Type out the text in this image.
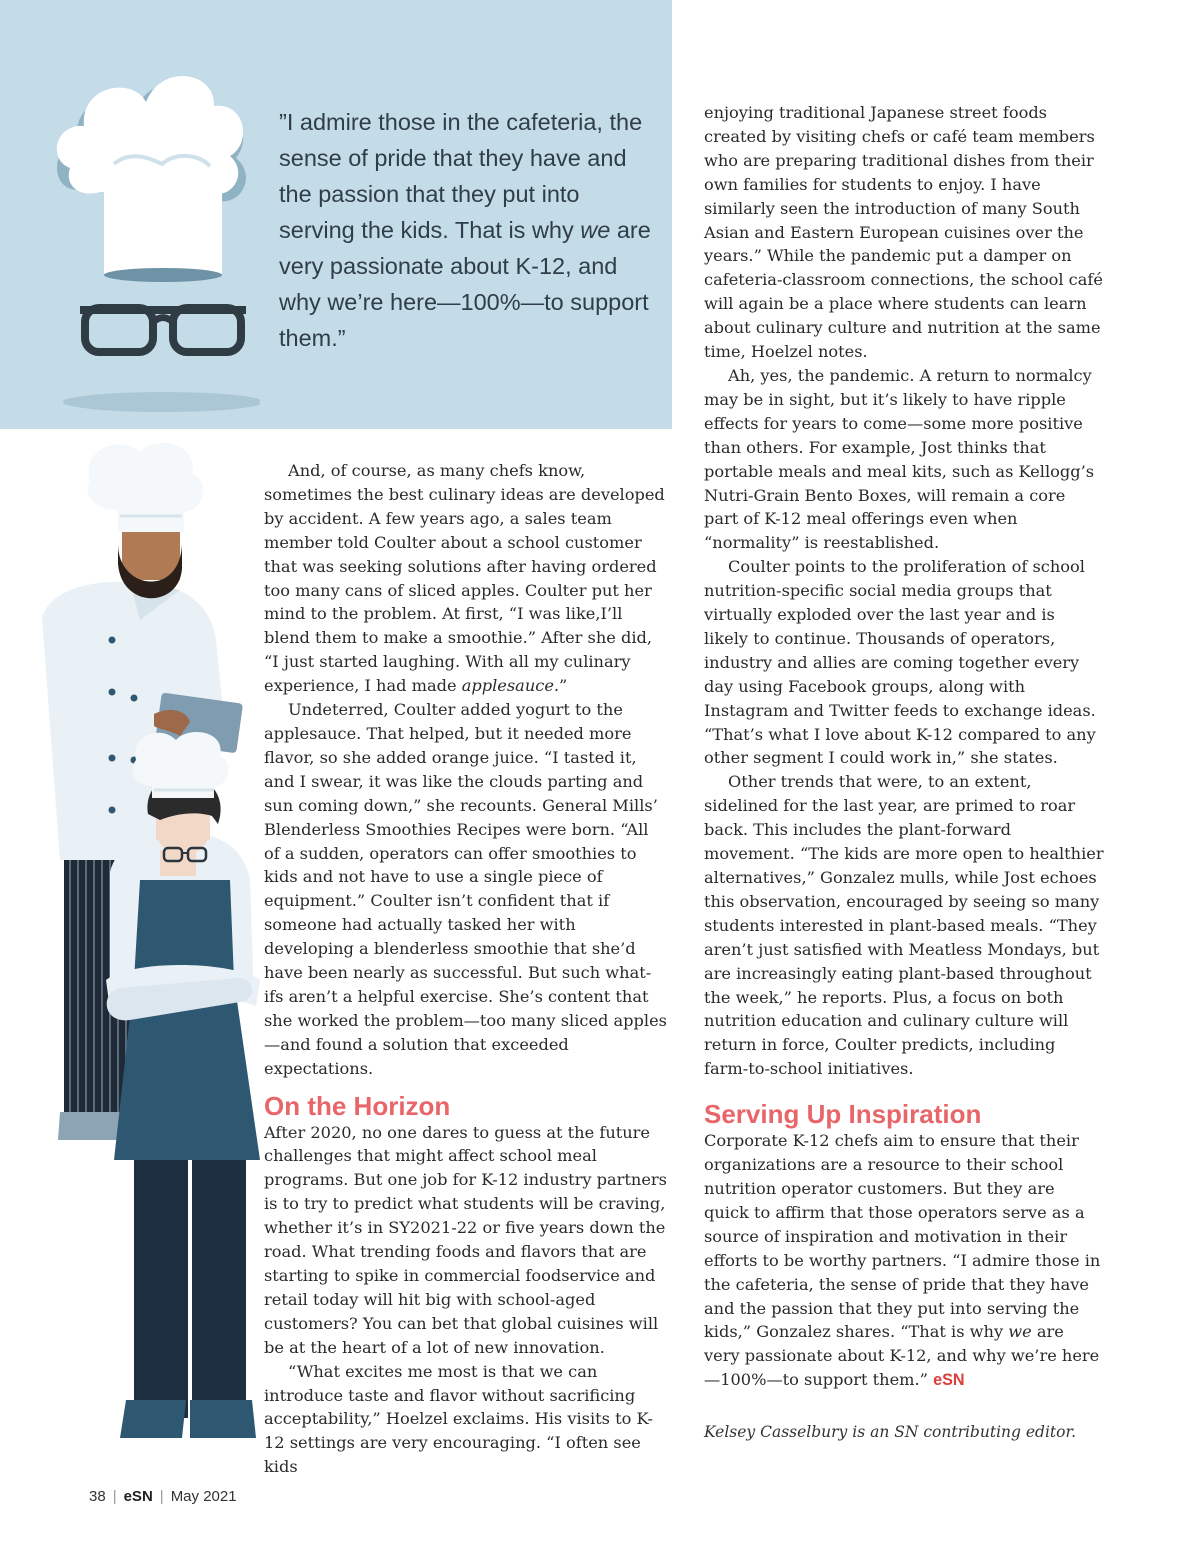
”I admire those in the cafeteria, the sense of pride that they have and the passion that they put into serving the kids. That is why we are very passionate about K-12, and why we’re here—100%—to support them.”

And, of course, as many chefs know, sometimes the best culinary ideas are developed by accident. A few years ago, a sales team member told Coulter about a school customer that was seeking solutions after having ordered too many cans of sliced apples. Coulter put her mind to the problem. At first, “I was like,I’ll blend them to make a smoothie.” After she did, “I just started laughing. With all my culinary experience, I had made applesauce.”

Undeterred, Coulter added yogurt to the applesauce. That helped, but it needed more flavor, so she added orange juice. “I tasted it, and I swear, it was like the clouds parting and sun coming down,” she recounts. General Mills’ Blenderless Smoothies Recipes were born. “All of a sudden, operators can offer smoothies to kids and not have to use a single piece of equipment.” Coulter isn’t confident that if someone had actually tasked her with developing a blenderless smoothie that she’d have been nearly as successful. But such what-ifs aren’t a helpful exercise. She’s content that she worked the problem—too many sliced apples—and found a solution that exceeded expectations.

On the Horizon

After 2020, no one dares to guess at the future challenges that might affect school meal programs. But one job for K-12 industry partners is to try to predict what students will be craving, whether it’s in SY2021-22 or five years down the road. What trending foods and flavors that are starting to spike in commercial foodservice and retail today will hit big with school-aged customers? You can bet that global cuisines will be at the heart of a lot of new innovation.

“What excites me most is that we can introduce taste and flavor without sacrificing acceptability,” Hoelzel exclaims. His visits to K-12 settings are very encouraging. “I often see kids

enjoying traditional Japanese street foods created by visiting chefs or café team members who are preparing traditional dishes from their own families for students to enjoy. I have similarly seen the introduction of many South Asian and Eastern European cuisines over the years.” While the pandemic put a damper on cafeteria-classroom connections, the school café will again be a place where students can learn about culinary culture and nutrition at the same time, Hoelzel notes.

Ah, yes, the pandemic. A return to normalcy may be in sight, but it’s likely to have ripple effects for years to come—some more positive than others. For example, Jost thinks that portable meals and meal kits, such as Kellogg’s Nutri-Grain Bento Boxes, will remain a core part of K-12 meal offerings even when “normality” is reestablished.

Coulter points to the proliferation of school nutrition-specific social media groups that virtually exploded over the last year and is likely to continue. Thousands of operators, industry and allies are coming together every day using Facebook groups, along with Instagram and Twitter feeds to exchange ideas. “That’s what I love about K-12 compared to any other segment I could work in,” she states.

Other trends that were, to an extent, sidelined for the last year, are primed to roar back. This includes the plant-forward movement. “The kids are more open to healthier alternatives,” Gonzalez mulls, while Jost echoes this observation, encouraged by seeing so many students interested in plant-based meals. “They aren’t just satisfied with Meatless Mondays, but are increasingly eating plant-based throughout the week,” he reports. Plus, a focus on both nutrition education and culinary culture will return in force, Coulter predicts, including farm-to-school initiatives.

Serving Up Inspiration

Corporate K-12 chefs aim to ensure that their organizations are a resource to their school nutrition operator customers. But they are quick to affirm that those operators serve as a source of inspiration and motivation in their efforts to be worthy partners. “I admire those in the cafeteria, the sense of pride that they have and the passion that they put into serving the kids,” Gonzalez shares. “That is why we are very passionate about K-12, and why we’re here—100%—to support them.” eSN

Kelsey Casselbury is an SN contributing editor.

38 | eSN | May 2021
